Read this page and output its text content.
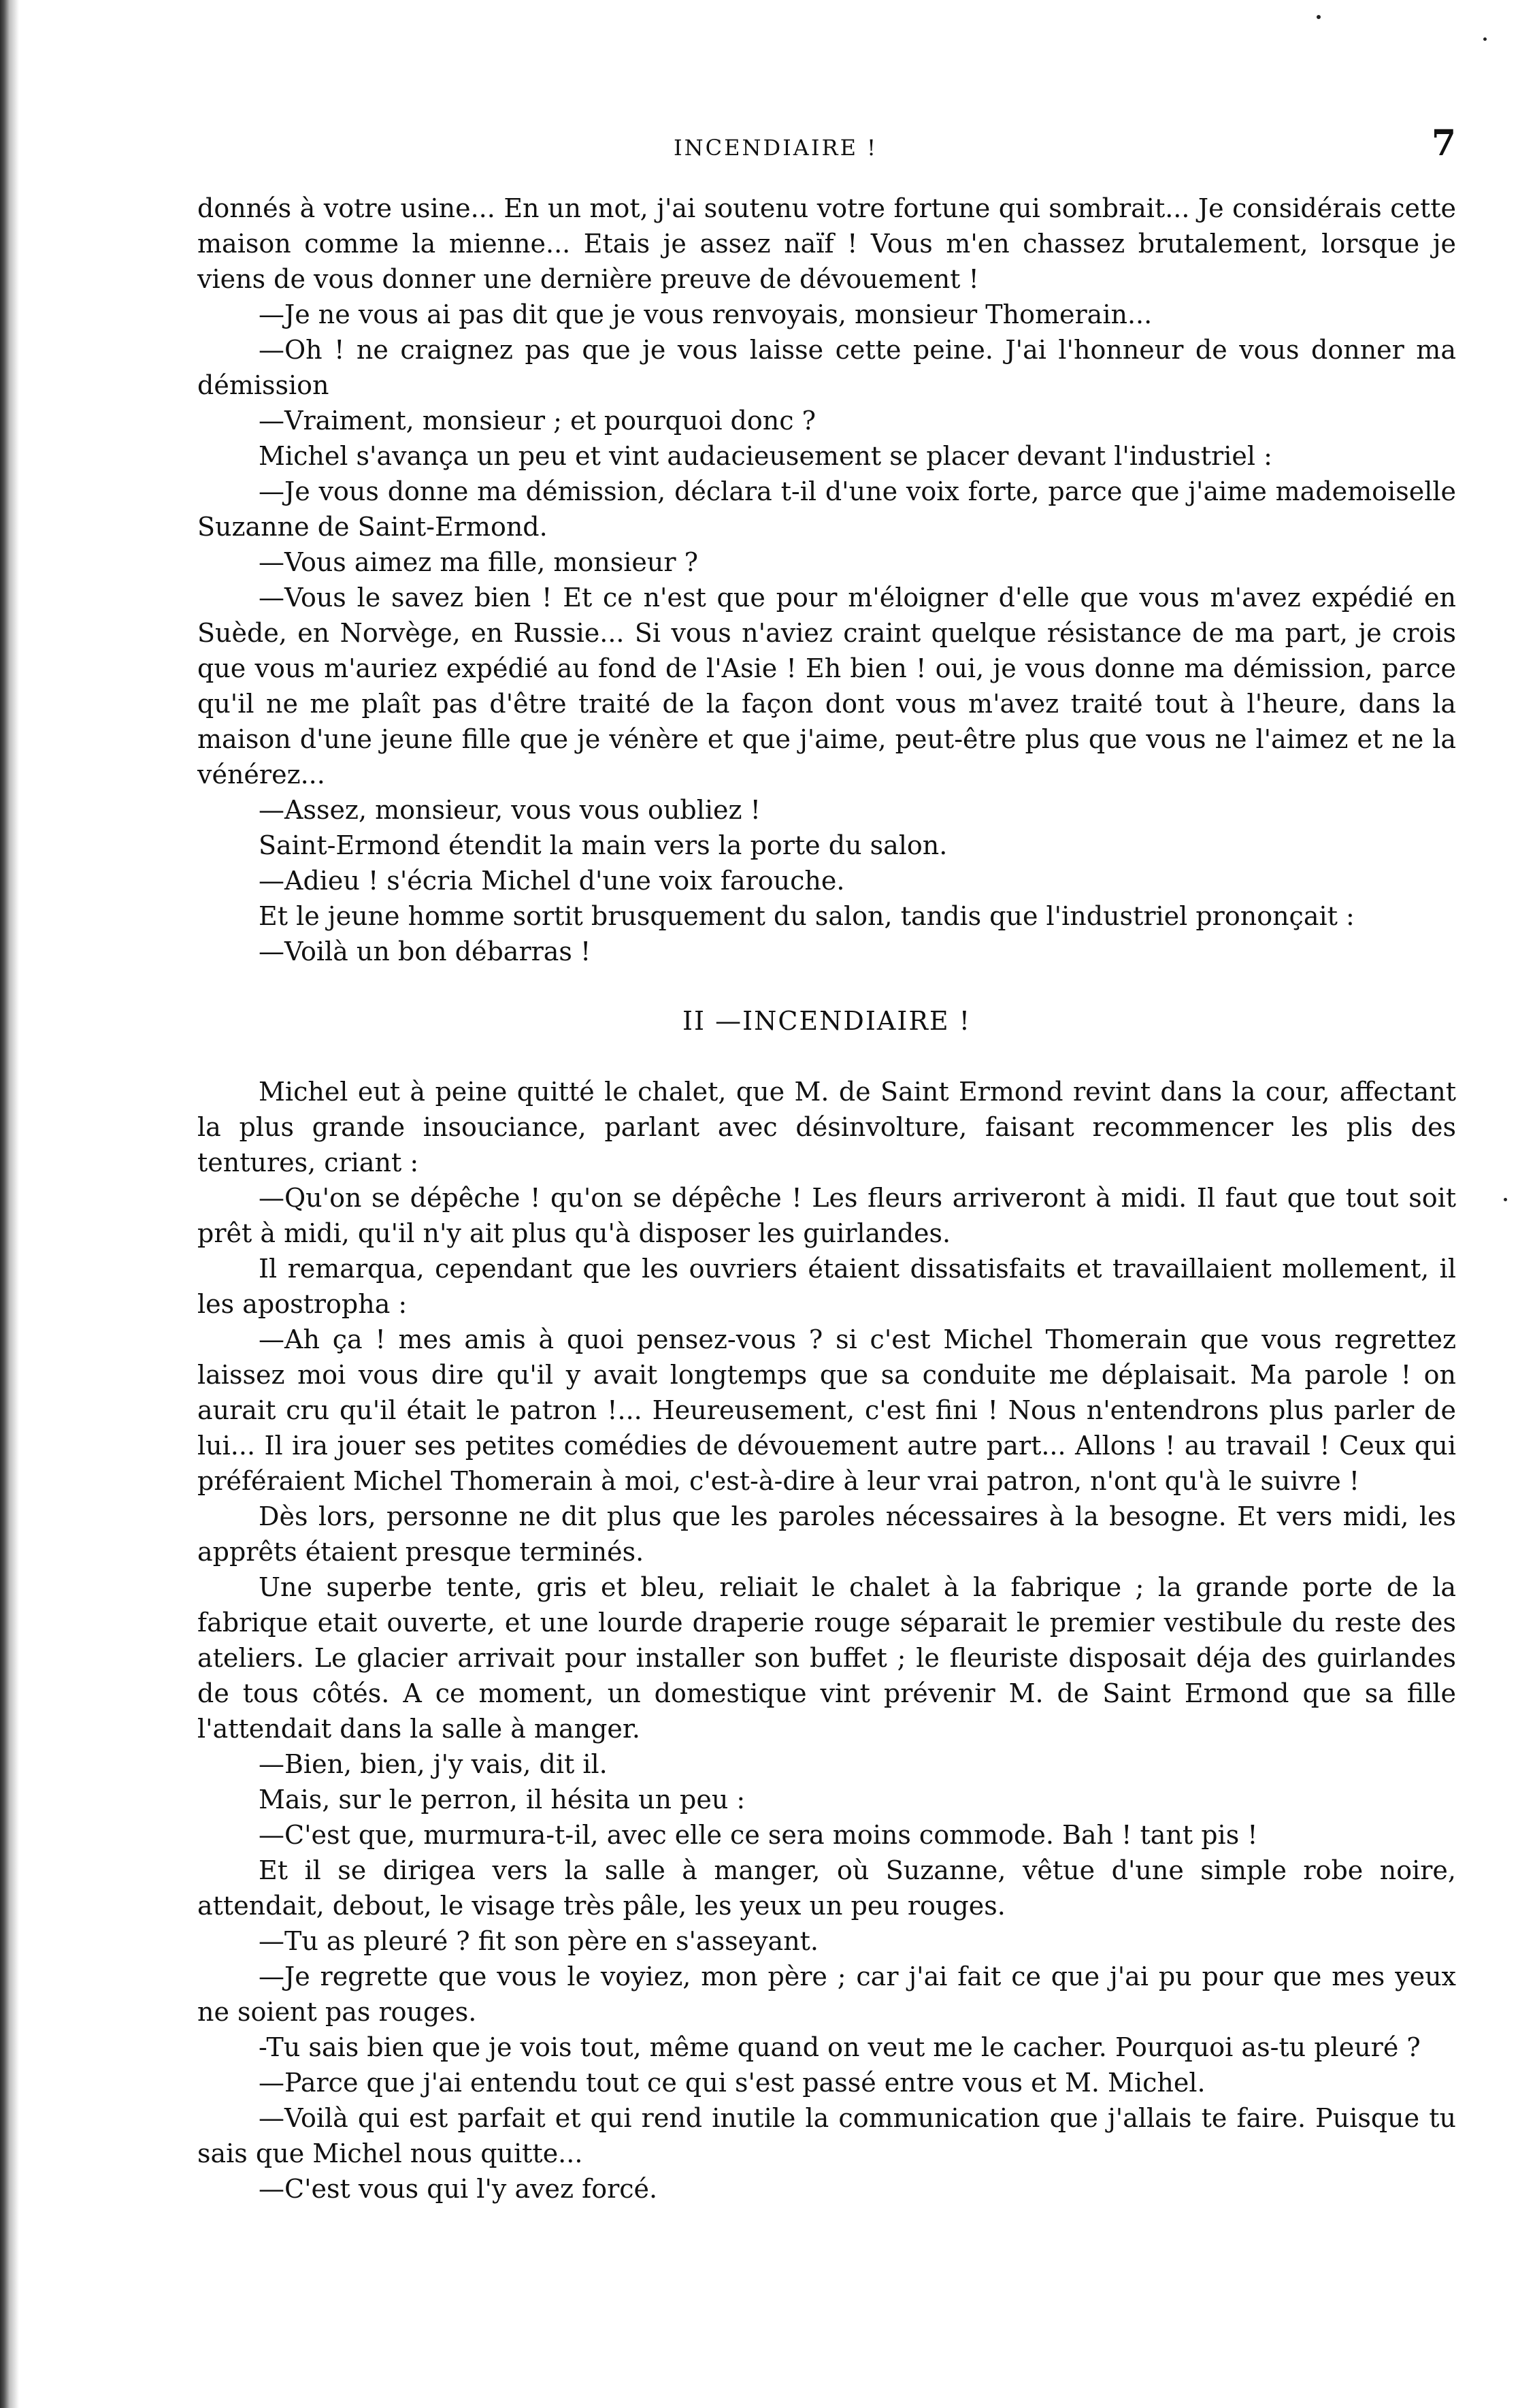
INCENDIAIRE !	7

donnés à votre usine... En un mot, j'ai soutenu votre fortune qui sombrait... Je considérais cette maison comme la mienne... Etais je assez naïf ! Vous m'en chassez brutalement, lorsque je viens de vous donner une dernière preuve de dévouement !

—Je ne vous ai pas dit que je vous renvoyais, monsieur Thomerain...

—Oh ! ne craignez pas que je vous laisse cette peine. J'ai l'honneur de vous donner ma démission

—Vraiment, monsieur ; et pourquoi donc ?

Michel s'avança un peu et vint audacieusement se placer devant l'industriel :

—Je vous donne ma démission, déclara t-il d'une voix forte, parce que j'aime mademoiselle Suzanne de Saint-Ermond.

—Vous aimez ma fille, monsieur ?

—Vous le savez bien ! Et ce n'est que pour m'éloigner d'elle que vous m'avez expédié en Suède, en Norvège, en Russie... Si vous n'aviez craint quelque résistance de ma part, je crois que vous m'auriez expédié au fond de l'Asie ! Eh bien ! oui, je vous donne ma démission, parce qu'il ne me plaît pas d'être traité de la façon dont vous m'avez traité tout à l'heure, dans la maison d'une jeune fille que je vénère et que j'aime, peut-être plus que vous ne l'aimez et ne la vénérez...

—Assez, monsieur, vous vous oubliez !

Saint-Ermond étendit la main vers la porte du salon.

—Adieu ! s'écria Michel d'une voix farouche.

Et le jeune homme sortit brusquement du salon, tandis que l'industriel prononçait :

—Voilà un bon débarras !

II —INCENDIAIRE !

Michel eut à peine quitté le chalet, que M. de Saint Ermond revint dans la cour, affectant la plus grande insouciance, parlant avec désinvolture, faisant recommencer les plis des tentures, criant :

—Qu'on se dépêche ! qu'on se dépêche ! Les fleurs arriveront à midi. Il faut que tout soit prêt à midi, qu'il n'y ait plus qu'à disposer les guirlandes.

Il remarqua, cependant que les ouvriers étaient dissatisfaits et travaillaient mollement, il les apostropha :

—Ah ça ! mes amis à quoi pensez-vous ? si c'est Michel Thomerain que vous regrettez laissez moi vous dire qu'il y avait longtemps que sa conduite me déplaisait. Ma parole ! on aurait cru qu'il était le patron !... Heureusement, c'est fini ! Nous n'entendrons plus parler de lui... Il ira jouer ses petites comédies de dévouement autre part... Allons ! au travail ! Ceux qui préféraient Michel Thomerain à moi, c'est-à-dire à leur vrai patron, n'ont qu'à le suivre !

Dès lors, personne ne dit plus que les paroles nécessaires à la besogne. Et vers midi, les apprêts étaient presque terminés.

Une superbe tente, gris et bleu, reliait le chalet à la fabrique ; la grande porte de la fabrique etait ouverte, et une lourde draperie rouge séparait le premier vestibule du reste des ateliers. Le glacier arrivait pour installer son buffet ; le fleuriste disposait déja des guirlandes de tous côtés. A ce moment, un domestique vint prévenir M. de Saint Ermond que sa fille l'attendait dans la salle à manger.

—Bien, bien, j'y vais, dit il.

Mais, sur le perron, il hésita un peu :

—C'est que, murmura-t-il, avec elle ce sera moins commode. Bah ! tant pis !

Et il se dirigea vers la salle à manger, où Suzanne, vêtue d'une simple robe noire, attendait, debout, le visage très pâle, les yeux un peu rouges.

—Tu as pleuré ? fit son père en s'asseyant.

—Je regrette que vous le voyiez, mon père ; car j'ai fait ce que j'ai pu pour que mes yeux ne soient pas rouges.

-Tu sais bien que je vois tout, même quand on veut me le cacher. Pourquoi as-tu pleuré ?

—Parce que j'ai entendu tout ce qui s'est passé entre vous et M. Michel.

—Voilà qui est parfait et qui rend inutile la communication que j'allais te faire. Puisque tu sais que Michel nous quitte...

—C'est vous qui l'y avez forcé.
